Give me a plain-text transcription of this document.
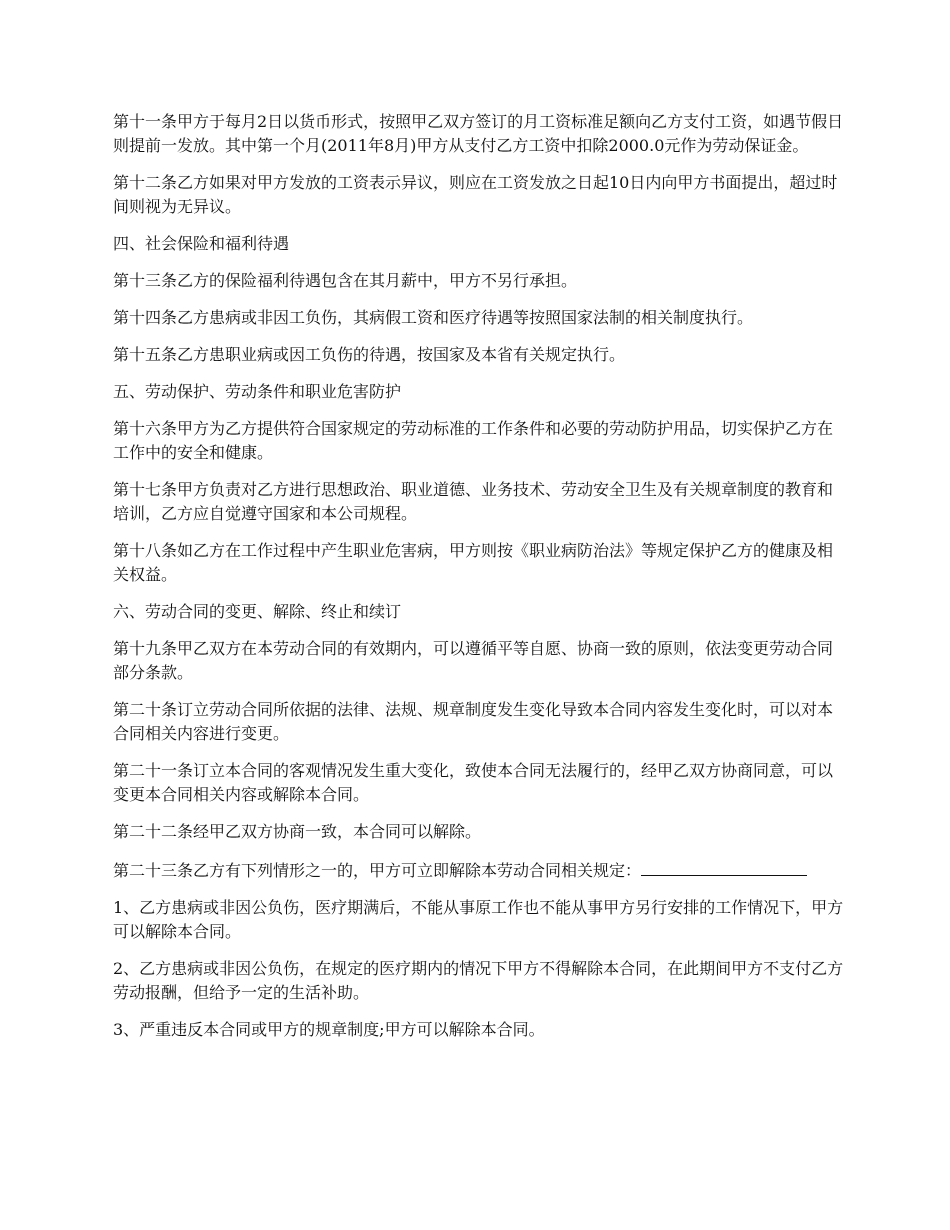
第十一条甲方于每月2日以货币形式，按照甲乙双方签订的月工资标准足额向乙方支付工资，如遇节假日则提前一发放。其中第一个月(2011年8月)甲方从支付乙方工资中扣除2000.0元作为劳动保证金。

第十二条乙方如果对甲方发放的工资表示异议，则应在工资发放之日起10日内向甲方书面提出，超过时间则视为无异议。

四、社会保险和福利待遇

第十三条乙方的保险福利待遇包含在其月薪中，甲方不另行承担。

第十四条乙方患病或非因工负伤，其病假工资和医疗待遇等按照国家法制的相关制度执行。

第十五条乙方患职业病或因工负伤的待遇，按国家及本省有关规定执行。

五、劳动保护、劳动条件和职业危害防护

第十六条甲方为乙方提供符合国家规定的劳动标准的工作条件和必要的劳动防护用品，切实保护乙方在工作中的安全和健康。

第十七条甲方负责对乙方进行思想政治、职业道德、业务技术、劳动安全卫生及有关规章制度的教育和培训，乙方应自觉遵守国家和本公司规程。

第十八条如乙方在工作过程中产生职业危害病，甲方则按《职业病防治法》等规定保护乙方的健康及相关权益。

六、劳动合同的变更、解除、终止和续订

第十九条甲乙双方在本劳动合同的有效期内，可以遵循平等自愿、协商一致的原则，依法变更劳动合同部分条款。

第二十条订立劳动合同所依据的法律、法规、规章制度发生变化导致本合同内容发生变化时，可以对本合同相关内容进行变更。

第二十一条订立本合同的客观情况发生重大变化，致使本合同无法履行的，经甲乙双方协商同意，可以变更本合同相关内容或解除本合同。

第二十二条经甲乙双方协商一致，本合同可以解除。

第二十三条乙方有下列情形之一的，甲方可立即解除本劳动合同相关规定：

1、乙方患病或非因公负伤，医疗期满后，不能从事原工作也不能从事甲方另行安排的工作情况下，甲方可以解除本合同。

2、乙方患病或非因公负伤，在规定的医疗期内的情况下甲方不得解除本合同，在此期间甲方不支付乙方劳动报酬，但给予一定的生活补助。

3、严重违反本合同或甲方的规章制度;甲方可以解除本合同。
